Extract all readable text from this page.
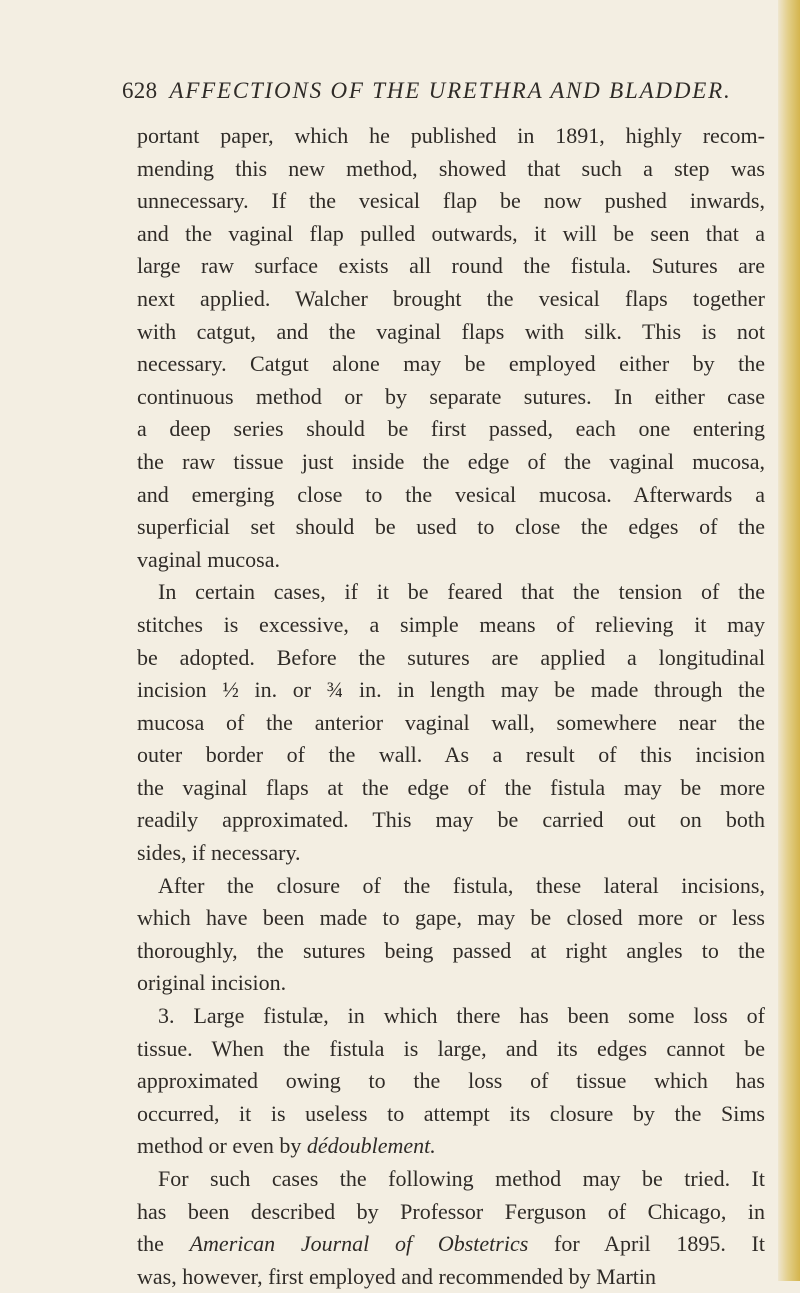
628 AFFECTIONS OF THE URETHRA AND BLADDER.
portant paper, which he published in 1891, highly recom-
mending this new method, showed that such a step was
unnecessary. If the vesical flap be now pushed inwards,
and the vaginal flap pulled outwards, it will be seen that a
large raw surface exists all round the fistula. Sutures are
next applied. Walcher brought the vesical flaps together
with catgut, and the vaginal flaps with silk. This is not
necessary. Catgut alone may be employed either by the
continuous method or by separate sutures. In either case
a deep series should be first passed, each one entering
the raw tissue just inside the edge of the vaginal mucosa,
and emerging close to the vesical mucosa. Afterwards a
superficial set should be used to close the edges of the
vaginal mucosa.
In certain cases, if it be feared that the tension of the
stitches is excessive, a simple means of relieving it may
be adopted. Before the sutures are applied a longitudinal
incision ½ in. or ¾ in. in length may be made through the
mucosa of the anterior vaginal wall, somewhere near the
outer border of the wall. As a result of this incision
the vaginal flaps at the edge of the fistula may be more
readily approximated. This may be carried out on both
sides, if necessary.
After the closure of the fistula, these lateral incisions,
which have been made to gape, may be closed more or less
thoroughly, the sutures being passed at right angles to the
original incision.
3. Large fistulæ, in which there has been some loss of
tissue. When the fistula is large, and its edges cannot be
approximated owing to the loss of tissue which has
occurred, it is useless to attempt its closure by the Sims
method or even by dédoublement.
For such cases the following method may be tried. It
has been described by Professor Ferguson of Chicago, in
the American Journal of Obstetrics for April 1895. It
was, however, first employed and recommended by Martin
